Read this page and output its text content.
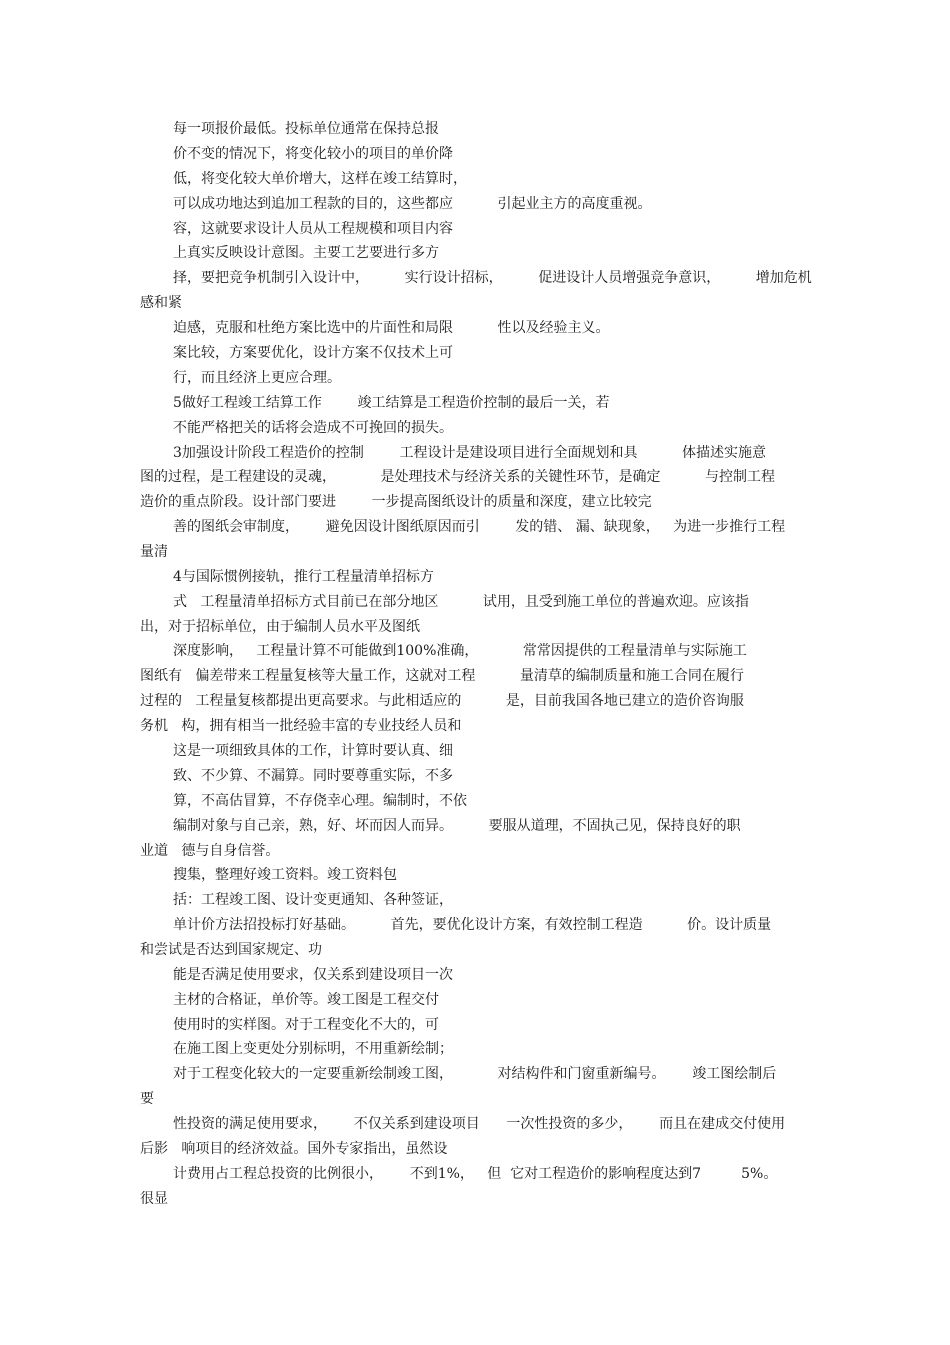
每一项报价最低。投标单位通常在保持总报
价不变的情况下，将变化较小的项目的单价降
低，将变化较大单价增大，这样在竣工结算时，
可以成功地达到追加工程款的目的，这些都应          引起业主方的高度重视。
容，这就要求设计人员从工程规模和项目内容
上真实反映设计意图。主要工艺要进行多方
择，要把竞争机制引入设计中，        实行设计招标，        促进设计人员增强竞争意识，        增加危机
感和紧
迫感，克服和杜绝方案比选中的片面性和局限          性以及经验主义。
案比较，方案要优化，设计方案不仅技术上可
行，而且经济上更应合理。
5做好工程竣工结算工作        竣工结算是工程造价控制的最后一关，若
不能严格把关的话将会造成不可挽回的损失。
3加强设计阶段工程造价的控制        工程设计是建设项目进行全面规划和具          体描述实施意
图的过程，是工程建设的灵魂，          是处理技术与经济关系的关键性环节，是确定          与控制工程
造价的重点阶段。设计部门要进        一步提高图纸设计的质量和深度，建立比较完
善的图纸会审制度，      避免因设计图纸原因而引        发的错、 漏、缺现象，   为进一步推行工程
量清
4与国际惯例接轨，推行工程量清单招标方
式   工程量清单招标方式目前已在部分地区          试用，且受到施工单位的普遍欢迎。应该指
出，对于招标单位，由于编制人员水平及图纸
深度影响，   工程量计算不可能做到100%准确，          常常因提供的工程量清单与实际施工
图纸有   偏差带来工程量复核等大量工作，这就对工程          量清草的编制质量和施工合同在履行
过程的   工程量复核都提出更高要求。与此相适应的          是，目前我国各地已建立的造价咨询服
务机   构，拥有相当一批经验丰富的专业技经人员和
这是一项细致具体的工作，计算时要认真、细
致、不少算、不漏算。同时要尊重实际，不多
算，不高估冒算，不存侥幸心理。编制时，不依
编制对象与自己亲，熟，好、坏而因人而异。        要服从道理，不固执己见，保持良好的职
业道   德与自身信誉。
搜集，整理好竣工资料。竣工资料包
括：工程竣工图、设计变更通知、各种签证，
单计价方法招投标打好基础。        首先，要优化设计方案，有效控制工程造          价。设计质量
和尝试是否达到国家规定、功
能是否满足使用要求，仅关系到建设项目一次
主材的合格证，单价等。竣工图是工程交付
使用时的实样图。对于工程变化不大的，可
在施工图上变更处分别标明，不用重新绘制；
对于工程变化较大的一定要重新绘制竣工图，          对结构件和门窗重新编号。      竣工图绘制后
要
性投资的满足使用要求，      不仅关系到建设项目      一次性投资的多少，      而且在建成交付使用
后影   响项目的经济效益。国外专家指出，虽然设
计费用占工程总投资的比例很小，      不到1%，   但  它对工程造价的影响程度达到7         5%。
很显
